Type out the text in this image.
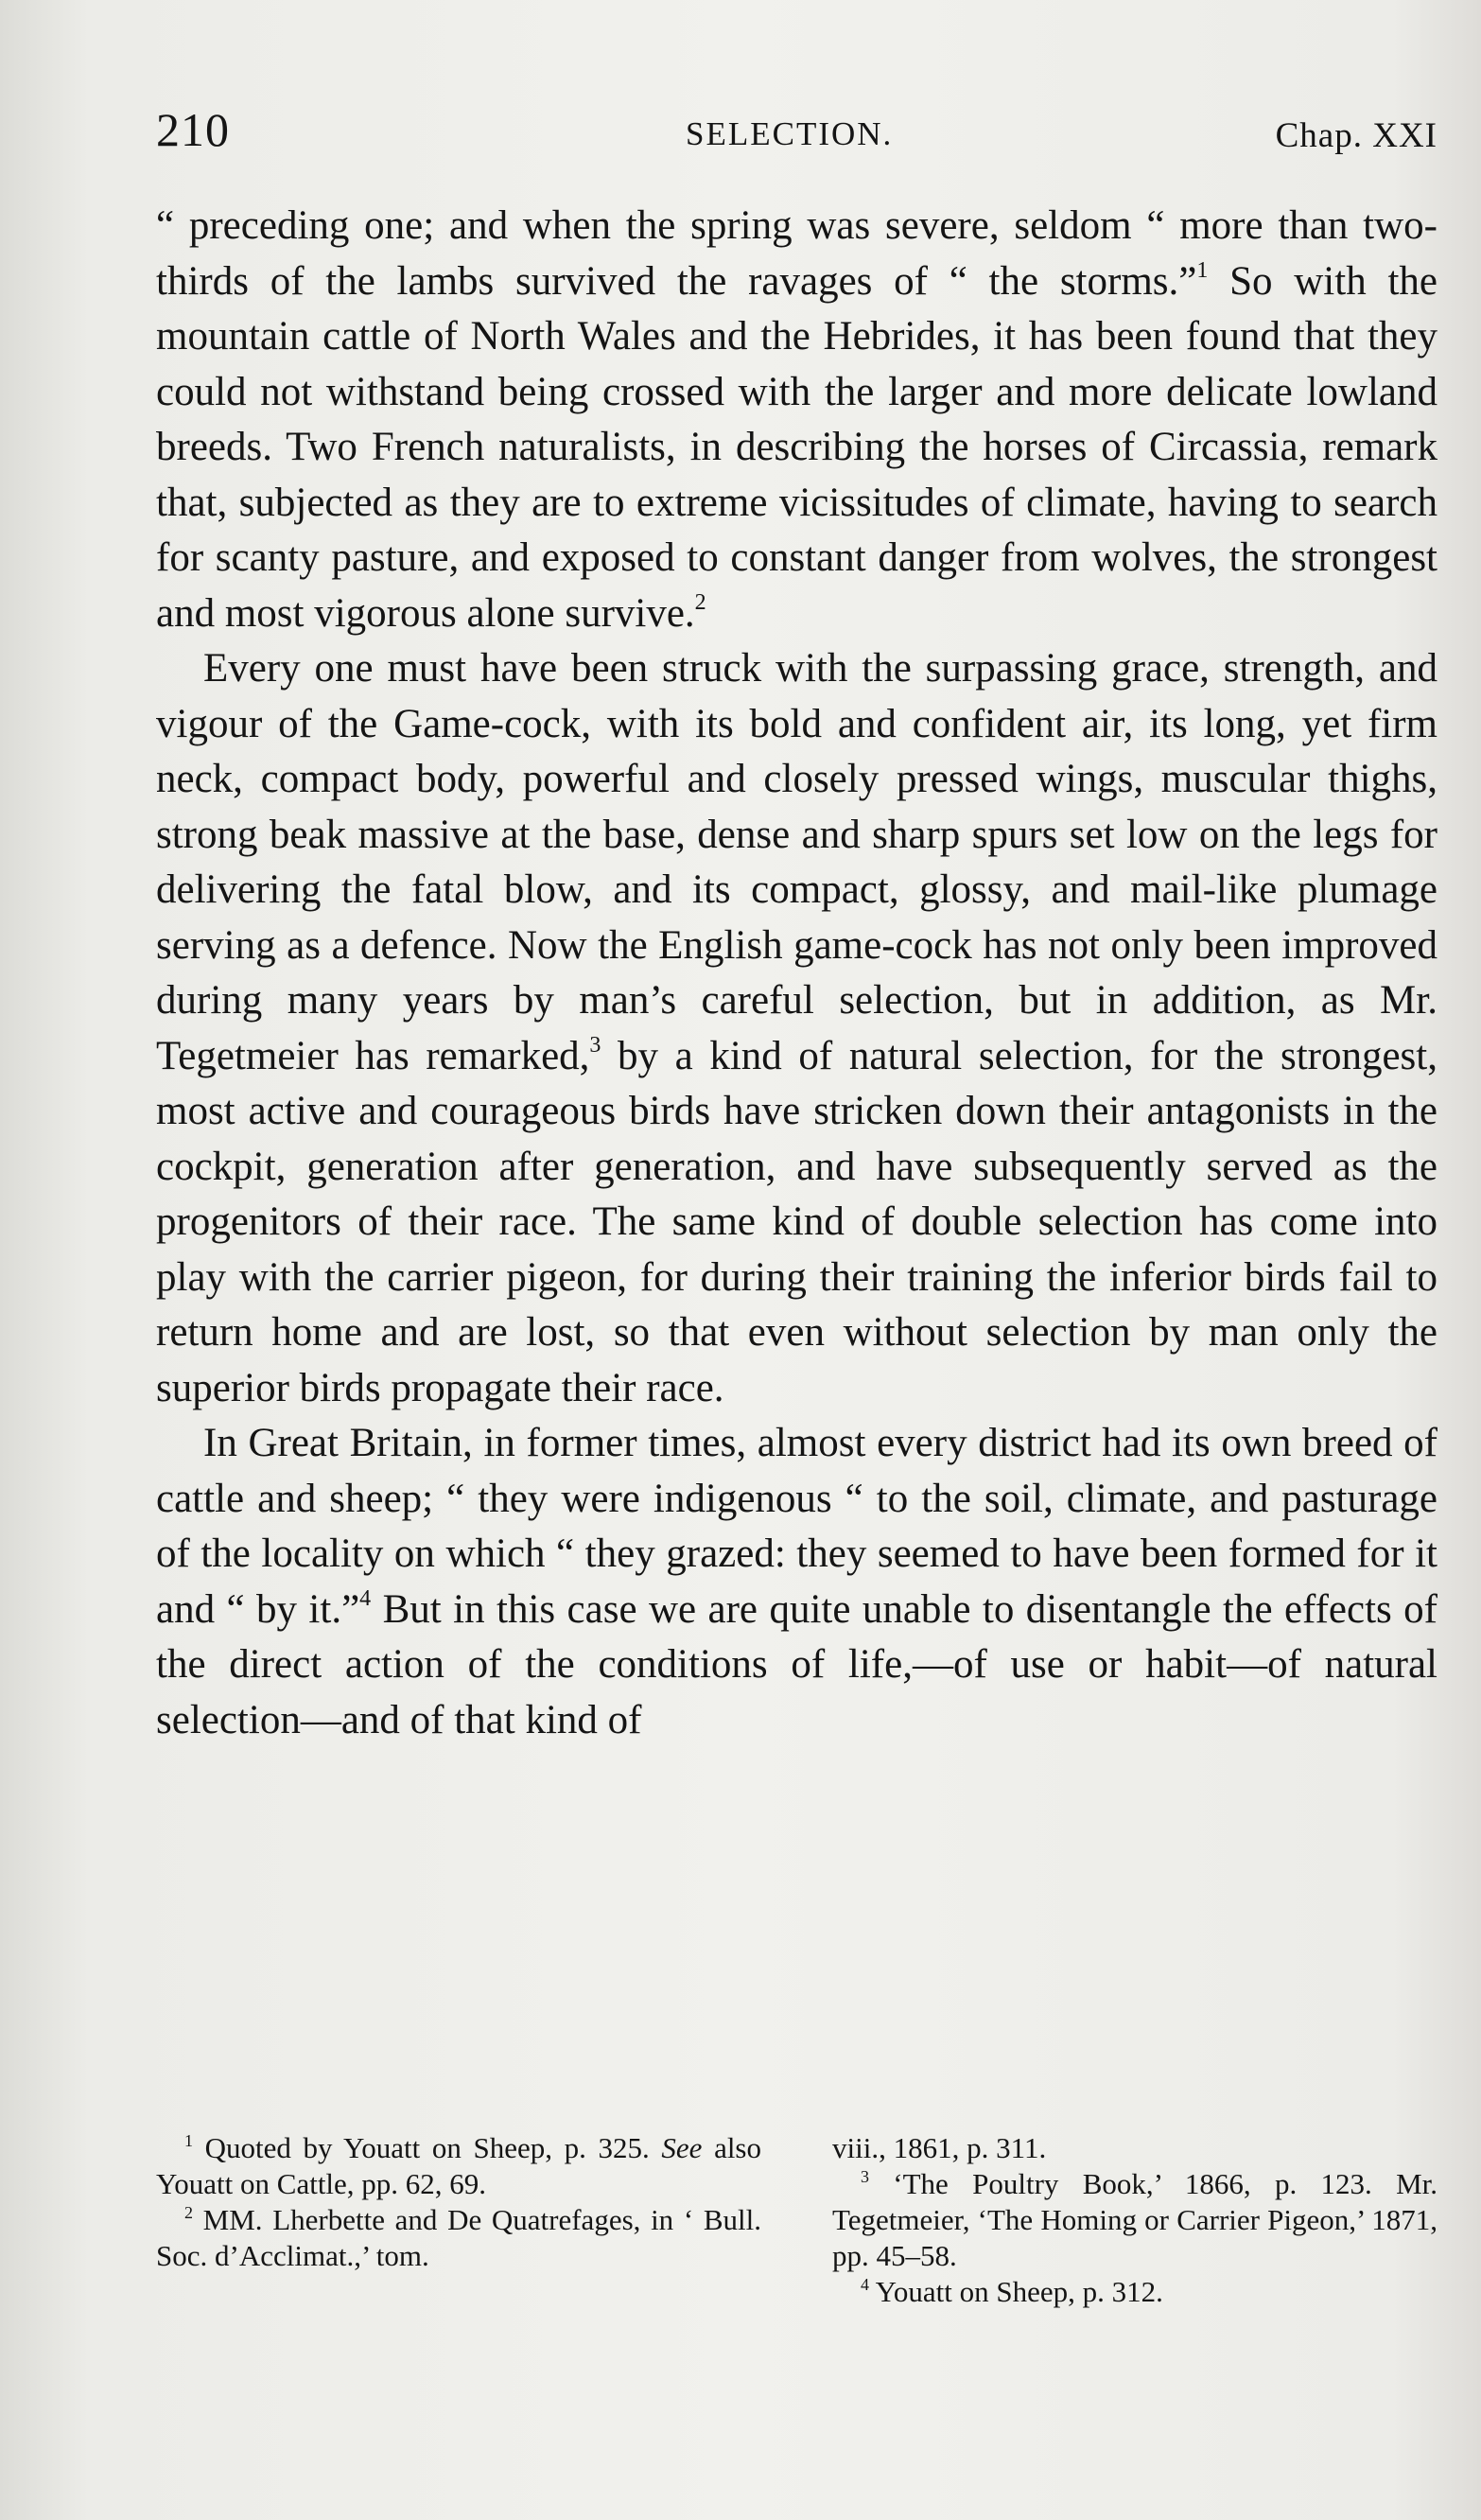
210	SELECTION.	Chap. XXI

“ preceding one; and when the spring was severe, seldom “ more than two-thirds of the lambs survived the ravages of “ the storms.”$^1$ So with the mountain cattle of North Wales and the Hebrides, it has been found that they could not withstand being crossed with the larger and more delicate lowland breeds. Two French naturalists, in describing the horses of Circassia, remark that, subjected as they are to extreme vicissitudes of climate, having to search for scanty pasture, and exposed to constant danger from wolves, the strongest and most vigorous alone survive.$^2$

Every one must have been struck with the surpassing grace, strength, and vigour of the Game-cock, with its bold and confident air, its long, yet firm neck, compact body, powerful and closely pressed wings, muscular thighs, strong beak massive at the base, dense and sharp spurs set low on the legs for delivering the fatal blow, and its compact, glossy, and mail-like plumage serving as a defence. Now the English game-cock has not only been improved during many years by man’s careful selection, but in addition, as Mr. Tegetmeier has remarked,$^3$ by a kind of natural selection, for the strongest, most active and courageous birds have stricken down their antagonists in the cockpit, generation after generation, and have subsequently served as the progenitors of their race. The same kind of double selection has come into play with the carrier pigeon, for during their training the inferior birds fail to return home and are lost, so that even without selection by man only the superior birds propagate their race.

In Great Britain, in former times, almost every district had its own breed of cattle and sheep; “ they were indigenous “ to the soil, climate, and pasturage of the locality on which “ they grazed: they seemed to have been formed for it and “ by it.”$^4$ But in this case we are quite unable to disentangle the effects of the direct action of the conditions of life,—of use or habit—of natural selection—and of that kind of

$^1$ Quoted by Youatt on Sheep, p. 325. See also Youatt on Cattle, pp. 62, 69.

$^2$ MM. Lherbette and De Quatrefages, in ‘ Bull. Soc. d’Acclimat.,’ tom.

viii., 1861, p. 311.

$^3$ ‘The Poultry Book,’ 1866, p. 123. Mr. Tegetmeier, ‘The Homing or Carrier Pigeon,’ 1871, pp. 45–58.

$^4$ Youatt on Sheep, p. 312.
